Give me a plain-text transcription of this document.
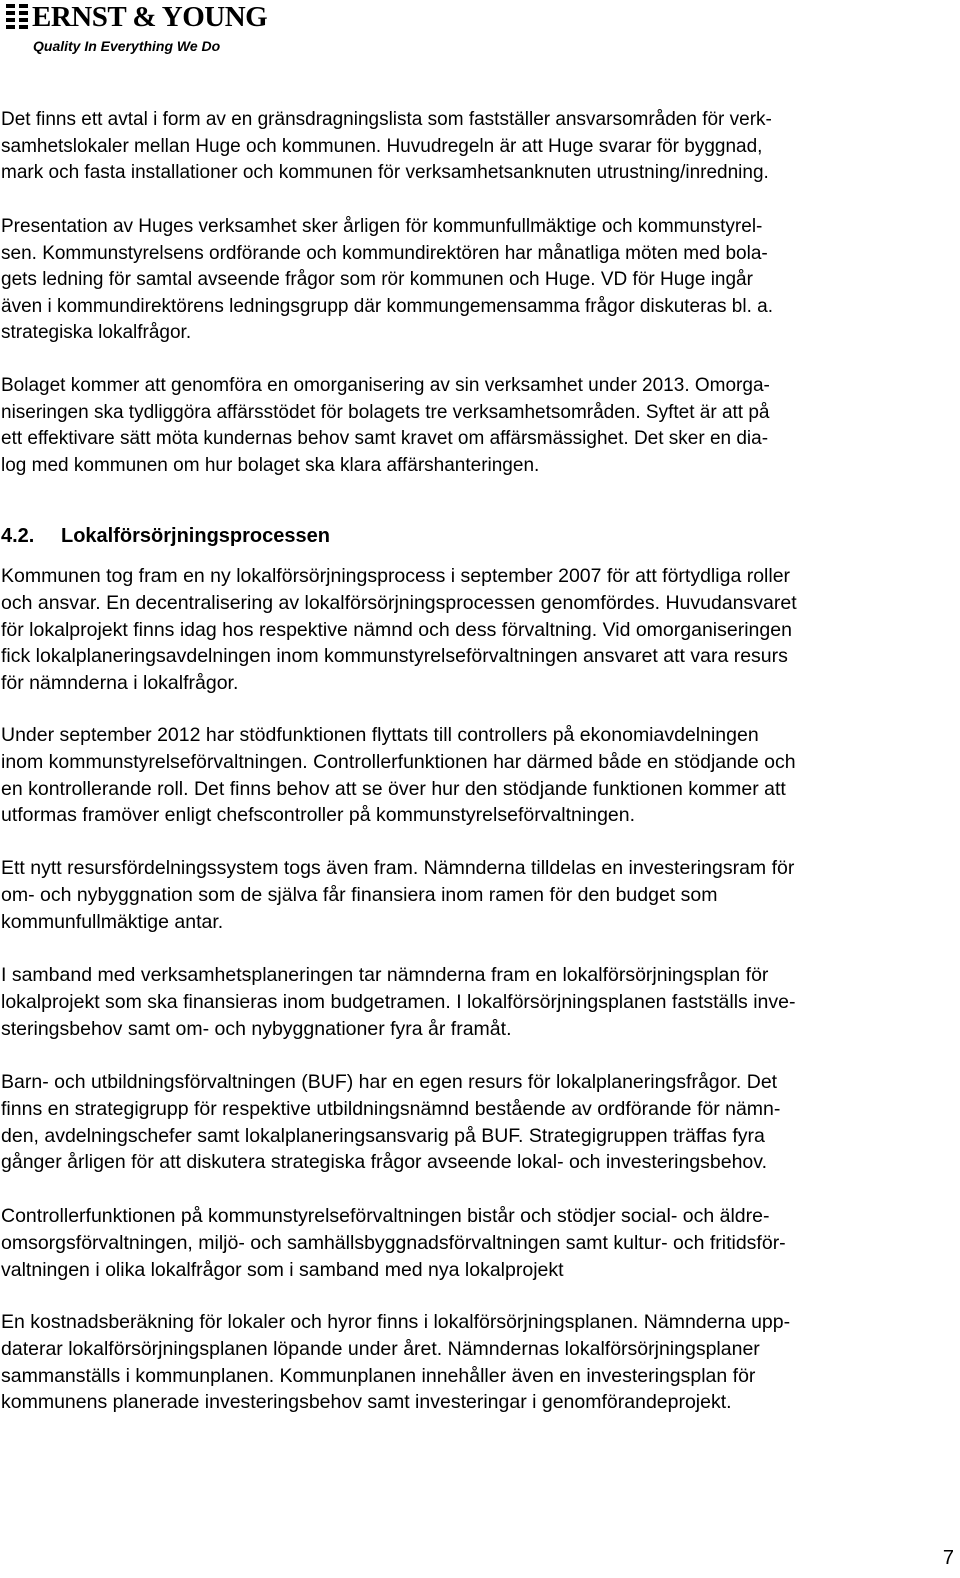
ERNST & YOUNG
Quality In Everything We Do

Det finns ett avtal i form av en gränsdragningslista som fastställer ansvarsområden för verk-
samhetslokaler mellan Huge och kommunen. Huvudregeln är att Huge svarar för byggnad,
mark och fasta installationer och kommunen för verksamhetsanknuten utrustning/inredning.

Presentation av Huges verksamhet sker årligen för kommunfullmäktige och kommunstyrel-
sen. Kommunstyrelsens ordförande och kommundirektören har månatliga möten med bola-
gets ledning för samtal avseende frågor som rör kommunen och Huge. VD för Huge ingår
även i kommundirektörens ledningsgrupp där kommungemensamma frågor diskuteras bl. a.
strategiska lokalfrågor.

Bolaget kommer att genomföra en omorganisering av sin verksamhet under 2013. Omorga-
niseringen ska tydliggöra affärsstödet för bolagets tre verksamhetsområden. Syftet är att på
ett effektivare sätt möta kundernas behov samt kravet om affärsmässighet. Det sker en dia-
log med kommunen om hur bolaget ska klara affärshanteringen.

4.2. Lokalförsörjningsprocessen

Kommunen tog fram en ny lokalförsörjningsprocess i september 2007 för att förtydliga roller
och ansvar. En decentralisering av lokalförsörjningsprocessen genomfördes. Huvudansvaret
för lokalprojekt finns idag hos respektive nämnd och dess förvaltning. Vid omorganiseringen
fick lokalplaneringsavdelningen inom kommunstyrelseförvaltningen ansvaret att vara resurs
för nämnderna i lokalfrågor.

Under september 2012 har stödfunktionen flyttats till controllers på ekonomiavdelningen
inom kommunstyrelseförvaltningen. Controllerfunktionen har därmed både en stödjande och
en kontrollerande roll. Det finns behov att se över hur den stödjande funktionen kommer att
utformas framöver enligt chefscontroller på kommunstyrelseförvaltningen.

Ett nytt resursfördelningssystem togs även fram. Nämnderna tilldelas en investeringsram för
om- och nybyggnation som de själva får finansiera inom ramen för den budget som
kommunfullmäktige antar.

I samband med verksamhetsplaneringen tar nämnderna fram en lokalförsörjningsplan för
lokalprojekt som ska finansieras inom budgetramen. I lokalförsörjningsplanen fastställs inve-
steringsbehov samt om- och nybyggnationer fyra år framåt.

Barn- och utbildningsförvaltningen (BUF) har en egen resurs för lokalplaneringsfrågor. Det
finns en strategigrupp för respektive utbildningsnämnd bestående av ordförande för nämn-
den, avdelningschefer samt lokalplaneringsansvarig på BUF. Strategigruppen träffas fyra
gånger årligen för att diskutera strategiska frågor avseende lokal- och investeringsbehov.

Controllerfunktionen på kommunstyrelseförvaltningen bistår och stödjer social- och äldre-
omsorgsförvaltningen, miljö- och samhällsbyggnadsförvaltningen samt kultur- och fritidsför-
valtningen i olika lokalfrågor som i samband med nya lokalprojekt

En kostnadsberäkning för lokaler och hyror finns i lokalförsörjningsplanen. Nämnderna upp-
daterar lokalförsörjningsplanen löpande under året. Nämndernas lokalförsörjningsplaner
sammanställs i kommunplanen. Kommunplanen innehåller även en investeringsplan för
kommunens planerade investeringsbehov samt investeringar i genomförandeprojekt.

7
